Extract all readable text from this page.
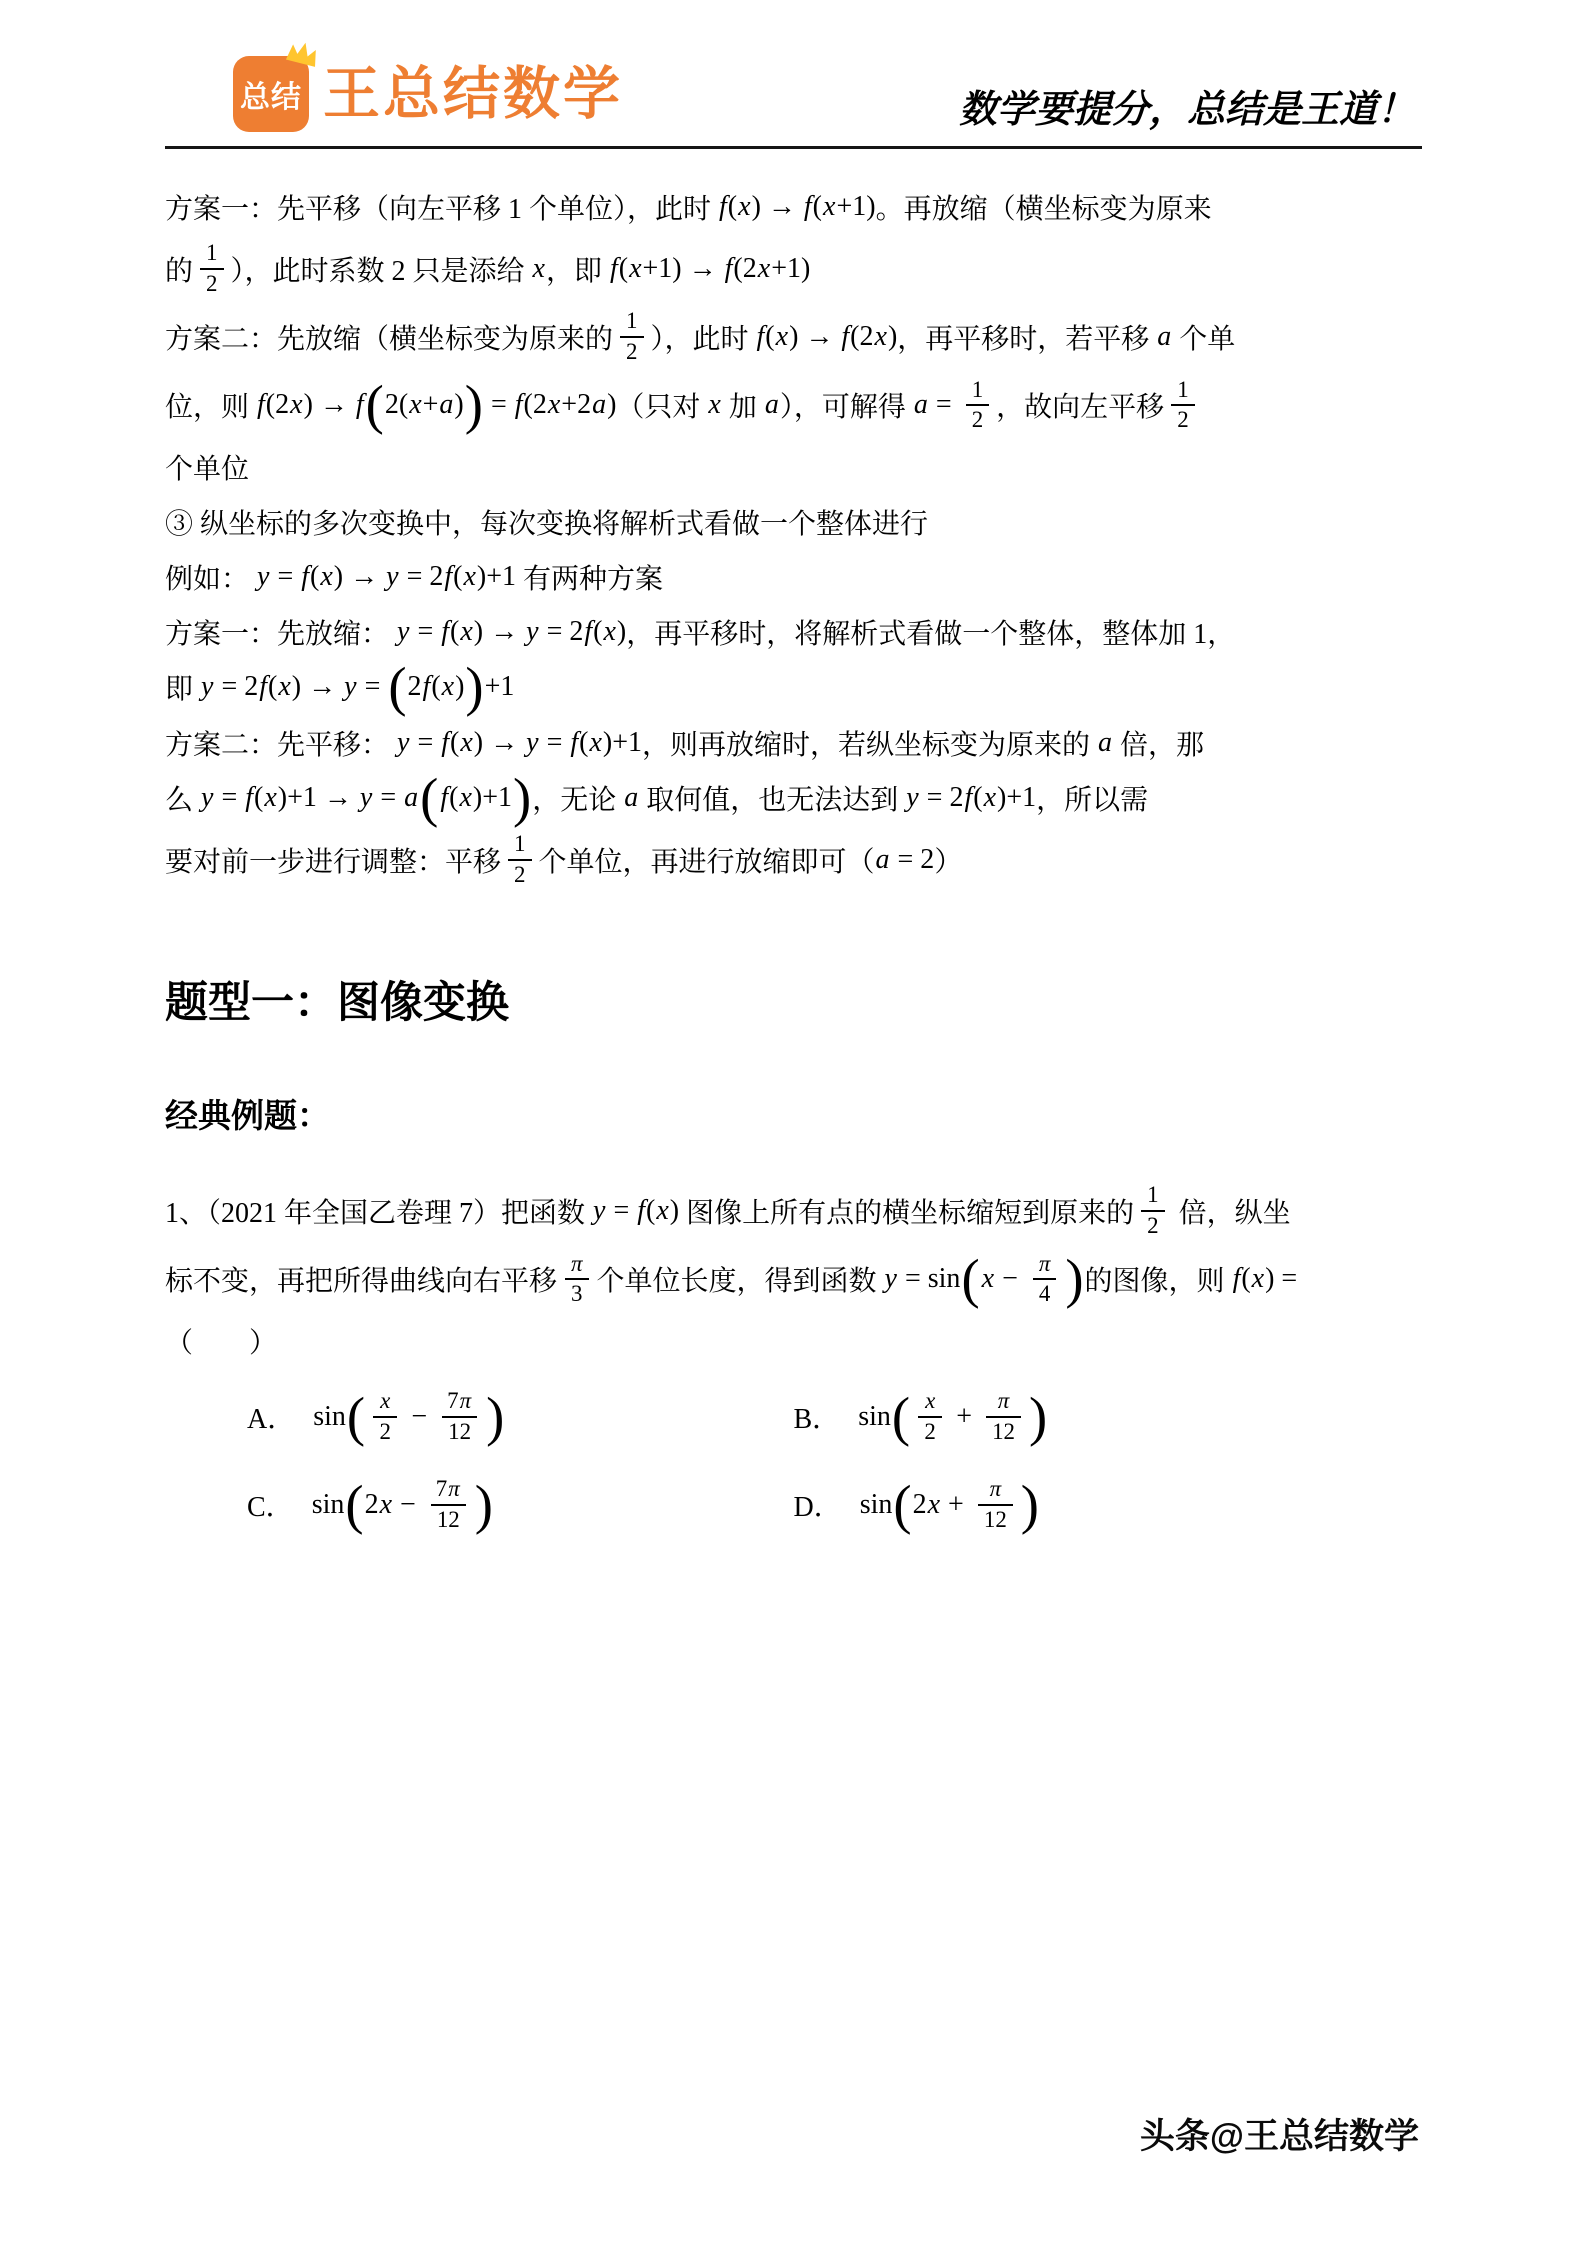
总结 王总结数学	数学要提分，总结是王道！
方案一：先平移（向左平移 1 个单位），此时 f(x) → f(x+1) 。再放缩（横坐标变为原来
的 $\frac{1}{2}$ ），此时系数 2 只是添给 x ，即 f(x+1) → f(2x+1)
方案二：先放缩（横坐标变为原来的 $\frac{1}{2}$ ），此时 f(x) → f(2x) ，再平移时，若平移 a 个单
位，则 f(2x) → f ( 2(x+a) ) = f(2x+2a) （只对 x 加 a ），可解得 $a = \frac{1}{2}$ ，故向左平移 $\frac{1}{2}$
个单位
③ 纵坐标的多次变换中，每次变换将解析式看做一个整体进行
例如： y = f(x) → y = 2f(x)+1 有两种方案
方案一：先放缩： y = f(x) → y = 2f(x) ，再平移时，将解析式看做一个整体，整体加 1，
即 y = 2f(x) → y = ( 2f(x) ) +1
方案二：先平移： y = f(x) → y = f(x)+1 ，则再放缩时，若纵坐标变为原来的 a 倍，那
么 y = f(x)+1 → y = a ( f(x)+1 ) ，无论 a 取何值，也无法达到 y = 2f(x)+1 ，所以需
要对前一步进行调整：平移 $\frac{1}{2}$ 个单位，再进行放缩即可（ a = 2 ）
题型一：图像变换
经典例题：
1、（2021 年全国乙卷理 7）把函数 y = f(x) 图像上所有点的横坐标缩短到原来的 $\frac{1}{2}$ 倍，纵坐
标不变，再把所得曲线向右平移 $\frac{\pi}{3}$ 个单位长度，得到函数 y = sin ( $x - \frac{\pi}{4}$ ) 的图像，则 f(x) =
（　　）
A． sin ( $\frac{x}{2} - \frac{7\pi}{12}$ )	B． sin ( $\frac{x}{2} + \frac{\pi}{12}$ )
C． sin ( $2x - \frac{7\pi}{12}$ )	D． sin ( $2x + \frac{\pi}{12}$ )
头条@王总结数学
